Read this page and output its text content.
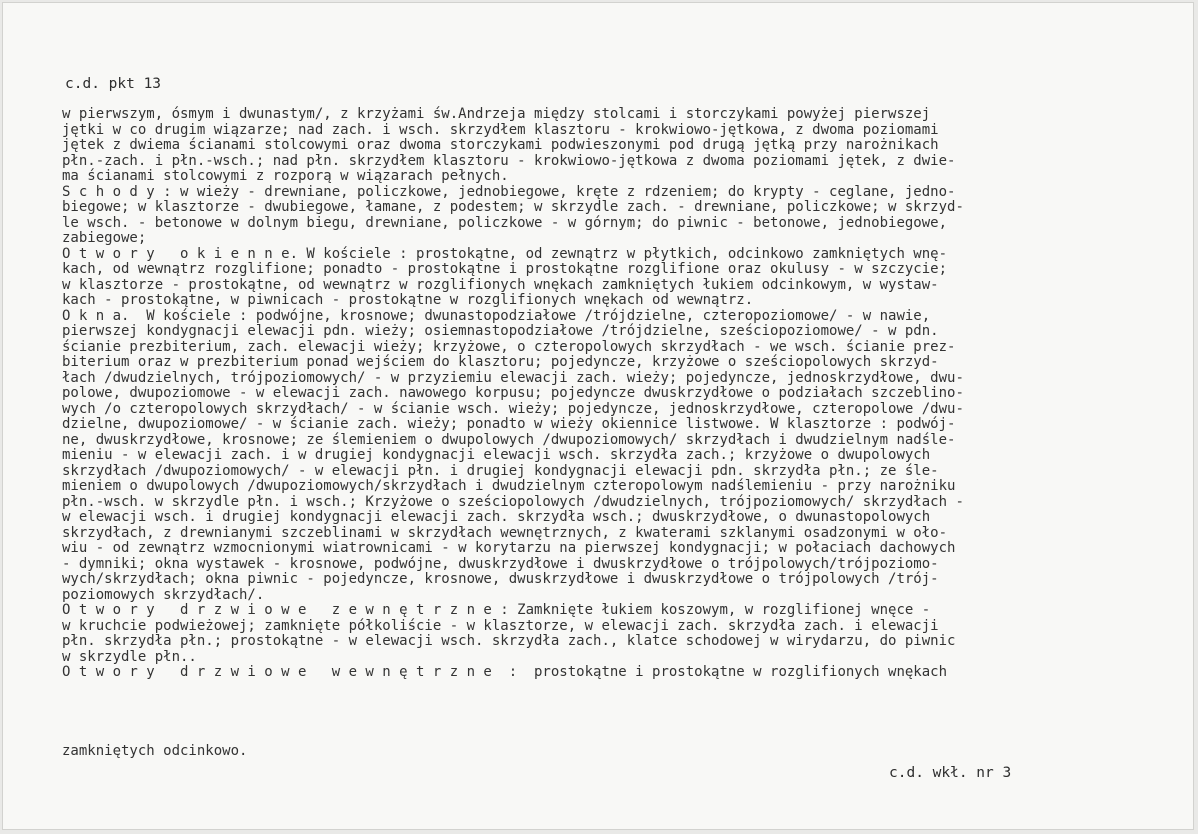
c.d. pkt 13
w pierwszym, ósmym i dwunastym/, z krzyżami św.Andrzeja między stolcami i storczykami powyżej pierwszej
jętki w co drugim wiązarze; nad zach. i wsch. skrzydłem klasztoru - krokwiowo-jętkowa, z dwoma poziomami
jętek z dwiema ścianami stolcowymi oraz dwoma storczykami podwieszonymi pod drugą jętką przy narożnikach
płn.-zach. i płn.-wsch.; nad płn. skrzydłem klasztoru - krokwiowo-jętkowa z dwoma poziomami jętek, z dwie-
ma ścianami stolcowymi z rozporą w wiązarach pełnych.
S c h o d y : w wieży - drewniane, policzkowe, jednobiegowe, kręte z rdzeniem; do krypty - ceglane, jedno-
biegowe; w klasztorze - dwubiegowe, łamane, z podestem; w skrzydle zach. - drewniane, policzkowe; w skrzyd-
le wsch. - betonowe w dolnym biegu, drewniane, policzkowe - w górnym; do piwnic - betonowe, jednobiegowe,
zabiegowe;
O t w o r y   o k i e n n e. W kościele : prostokątne, od zewnątrz w płytkich, odcinkowo zamkniętych wnę-
kach, od wewnątrz rozglifione; ponadto - prostokątne i prostokątne rozglifione oraz okulusy - w szczycie;
w klasztorze - prostokątne, od wewnątrz w rozglifionych wnękach zamkniętych łukiem odcinkowym, w wystaw-
kach - prostokątne, w piwnicach - prostokątne w rozglifionych wnękach od wewnątrz.
O k n a.  W kościele : podwójne, krosnowe; dwunastopodziałowe /trójdzielne, czteropoziomowe/ - w nawie,
pierwszej kondygnacji elewacji pdn. wieży; osiemnastopodziałowe /trójdzielne, sześciopoziomowe/ - w pdn.
ścianie prezbiterium, zach. elewacji wieży; krzyżowe, o czteropolowych skrzydłach - we wsch. ścianie prez-
biterium oraz w prezbiterium ponad wejściem do klasztoru; pojedyncze, krzyżowe o sześciopolowych skrzyd-
łach /dwudzielnych, trójpoziomowych/ - w przyziemiu elewacji zach. wieży; pojedyncze, jednoskrzydłowe, dwu-
polowe, dwupoziomowe - w elewacji zach. nawowego korpusu; pojedyncze dwuskrzydłowe o podziałach szczeblino-
wych /o czteropolowych skrzydłach/ - w ścianie wsch. wieży; pojedyncze, jednoskrzydłowe, czteropolowe /dwu-
dzielne, dwupoziomowe/ - w ścianie zach. wieży; ponadto w wieży okiennice listwowe. W klasztorze : podwój-
ne, dwuskrzydłowe, krosnowe; ze ślemieniem o dwupolowych /dwupoziomowych/ skrzydłach i dwudzielnym nadśle-
mieniu - w elewacji zach. i w drugiej kondygnacji elewacji wsch. skrzydła zach.; krzyżowe o dwupolowych
skrzydłach /dwupoziomowych/ - w elewacji płn. i drugiej kondygnacji elewacji pdn. skrzydła płn.; ze śle-
mieniem o dwupolowych /dwupoziomowych/skrzydłach i dwudzielnym czteropolowym nadślemieniu - przy narożniku
płn.-wsch. w skrzydle płn. i wsch.; Krzyżowe o sześciopolowych /dwudzielnych, trójpoziomowych/ skrzydłach -
w elewacji wsch. i drugiej kondygnacji elewacji zach. skrzydła wsch.; dwuskrzydłowe, o dwunastopolowych
skrzydłach, z drewnianymi szczeblinami w skrzydłach wewnętrznych, z kwaterami szklanymi osadzonymi w oło-
wiu - od zewnątrz wzmocnionymi wiatrownicami - w korytarzu na pierwszej kondygnacji; w połaciach dachowych
- dymniki; okna wystawek - krosnowe, podwójne, dwuskrzydłowe i dwuskrzydłowe o trójpolowych/trójpoziomo-
wych/skrzydłach; okna piwnic - pojedyncze, krosnowe, dwuskrzydłowe i dwuskrzydłowe o trójpolowych /trój-
poziomowych skrzydłach/.
O t w o r y   d r z w i o w e   z e w n ę t r z n e : Zamknięte łukiem koszowym, w rozglifionej wnęce -
w kruchcie podwieżowej; zamknięte półkoliście - w klasztorze, w elewacji zach. skrzydła zach. i elewacji
płn. skrzydła płn.; prostokątne - w elewacji wsch. skrzydła zach., klatce schodowej w wirydarzu, do piwnic
w skrzydle płn..
O t w o r y   d r z w i o w e   w e w n ę t r z n e  :  prostokątne i prostokątne w rozglifionych wnękach
zamkniętych odcinkowo.
c.d. wkł. nr 3
